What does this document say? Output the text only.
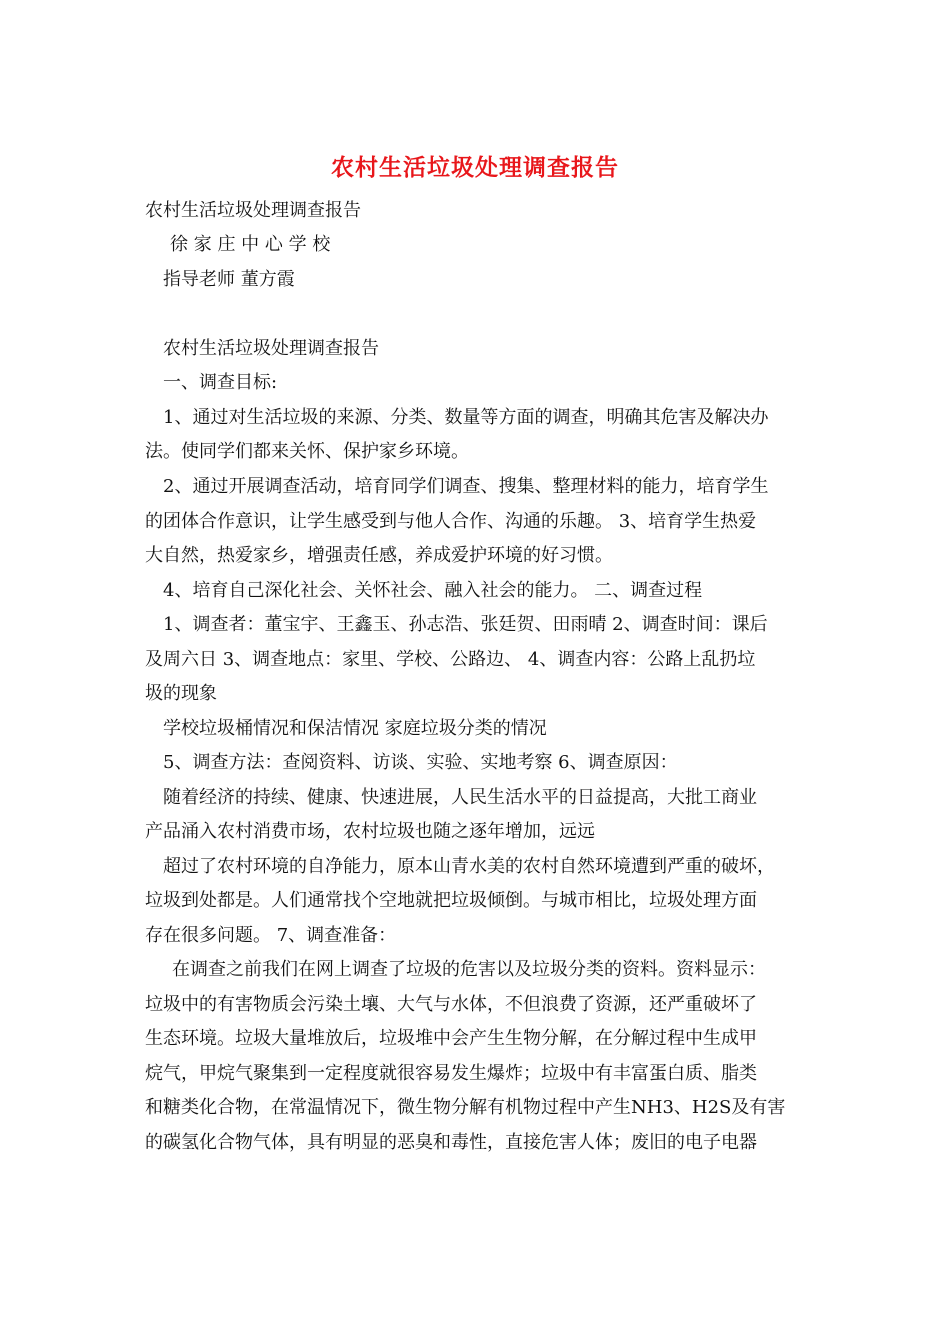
农村生活垃圾处理调查报告
农村生活垃圾处理调查报告
　徐 家 庄 中 心 学 校
指导老师 董方霞
农村生活垃圾处理调查报告
一、调查目标:
1、通过对生活垃圾的来源、分类、数量等方面的调查，明确其危害及解决办
法。使同学们都来关怀、保护家乡环境。
2、通过开展调查活动，培育同学们调查、搜集、整理材料的能力，培育学生
的团体合作意识，让学生感受到与他人合作、沟通的乐趣。 3、培育学生热爱
大自然，热爱家乡，增强责任感，养成爱护环境的好习惯。
4、培育自己深化社会、关怀社会、融入社会的能力。 二、调查过程
1、调查者：董宝宇、王鑫玉、孙志浩、张廷贺、田雨晴 2、调查时间：课后
及周六日 3、调查地点：家里、学校、公路边、 4、调查内容：公路上乱扔垃
圾的现象
学校垃圾桶情况和保洁情况 家庭垃圾分类的情况
5、调查方法：查阅资料、访谈、实验、实地考察 6、调查原因：
随着经济的持续、健康、快速进展，人民生活水平的日益提高，大批工商业
产品涌入农村消费市场，农村垃圾也随之逐年增加，远远
超过了农村环境的自净能力，原本山青水美的农村自然环境遭到严重的破坏，
垃圾到处都是。人们通常找个空地就把垃圾倾倒。与城市相比，垃圾处理方面
存在很多问题。 7、调查准备：
在调查之前我们在网上调查了垃圾的危害以及垃圾分类的资料。资料显示：
垃圾中的有害物质会污染土壤、大气与水体，不但浪费了资源，还严重破坏了
生态环境。垃圾大量堆放后，垃圾堆中会产生生物分解，在分解过程中生成甲
烷气，甲烷气聚集到一定程度就很容易发生爆炸；垃圾中有丰富蛋白质、脂类
和糖类化合物，在常温情况下，微生物分解有机物过程中产生NH3、H2S及有害
的碳氢化合物气体，具有明显的恶臭和毒性，直接危害人体；废旧的电子电器
